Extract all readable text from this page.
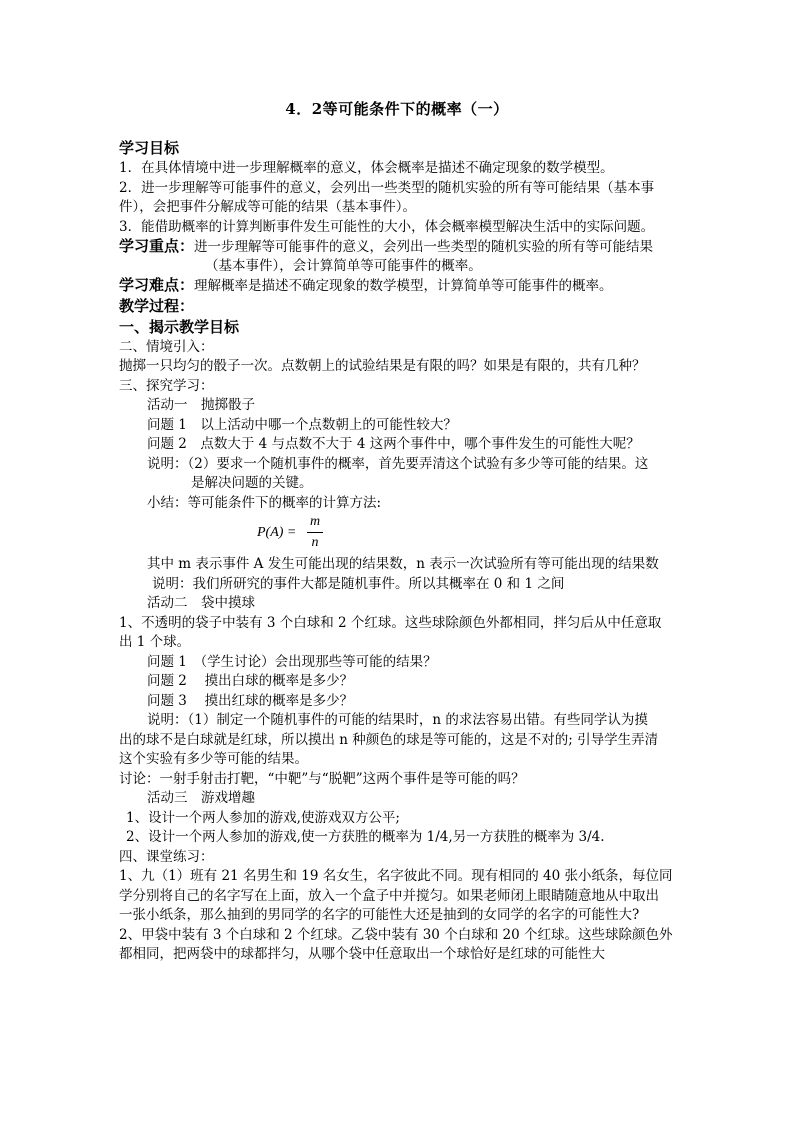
4．2等可能条件下的概率（一）
学习目标
1．在具体情境中进一步理解概率的意义，体会概率是描述不确定现象的数学模型。
2．进一步理解等可能事件的意义，会列出一些类型的随机实验的所有等可能结果（基本事
件），会把事件分解成等可能的结果（基本事件）。
3．能借助概率的计算判断事件发生可能性的大小，体会概率模型解决生活中的实际问题。
学习重点：进一步理解等可能事件的意义，会列出一些类型的随机实验的所有等可能结果
（基本事件），会计算简单等可能事件的概率。
学习难点：理解概率是描述不确定现象的数学模型，计算简单等可能事件的概率。
教学过程：
一、揭示教学目标
二、情境引入：
抛掷一只均匀的骰子一次。点数朝上的试验结果是有限的吗？如果是有限的，共有几种？
三、探究学习：
活动一　抛掷骰子
问题 1　以上活动中哪一个点数朝上的可能性较大？
问题 2　点数大于 4 与点数不大于 4 这两个事件中，哪个事件发生的可能性大呢？
说明：（2）要求一个随机事件的概率，首先要弄清这个试验有多少等可能的结果。这
是解决问题的关键。
小结：等可能条件下的概率的计算方法:
P(A) =
m
n
其中 m 表示事件 A 发生可能出现的结果数，n 表示一次试验所有等可能出现的结果数
说明：我们所研究的事件大都是随机事件。所以其概率在 0 和 1 之间
活动二　袋中摸球
1、不透明的袋子中装有 3 个白球和 2 个红球。这些球除颜色外都相同，拌匀后从中任意取
出 1 个球。
问题 1　（学生讨论）会出现那些等可能的结果？
问题 2　 摸出白球的概率是多少？
问题 3　 摸出红球的概率是多少？
说明：（1）制定一个随机事件的可能的结果时，n 的求法容易出错。有些同学认为摸
出的球不是白球就是红球，所以摸出 n 种颜色的球是等可能的，这是不对的; 引导学生弄清
这个实验有多少等可能的结果。
讨论：一射手射击打靶，“中靶”与“脱靶”这两个事件是等可能的吗？
活动三　游戏增趣
1、设计一个两人参加的游戏,使游戏双方公平;
2、设计一个两人参加的游戏,使一方获胜的概率为 1/4,另一方获胜的概率为 3/4.
四、课堂练习：
1、九（1）班有 21 名男生和 19 名女生，名字彼此不同。现有相同的 40 张小纸条，每位同
学分别将自己的名字写在上面，放入一个盒子中并搅匀。如果老师闭上眼睛随意地从中取出
一张小纸条，那么抽到的男同学的名字的可能性大还是抽到的女同学的名字的可能性大?
2、甲袋中装有 3 个白球和 2 个红球。乙袋中装有 30 个白球和 20 个红球。这些球除颜色外
都相同，把两袋中的球都拌匀，从哪个袋中任意取出一个球恰好是红球的可能性大
